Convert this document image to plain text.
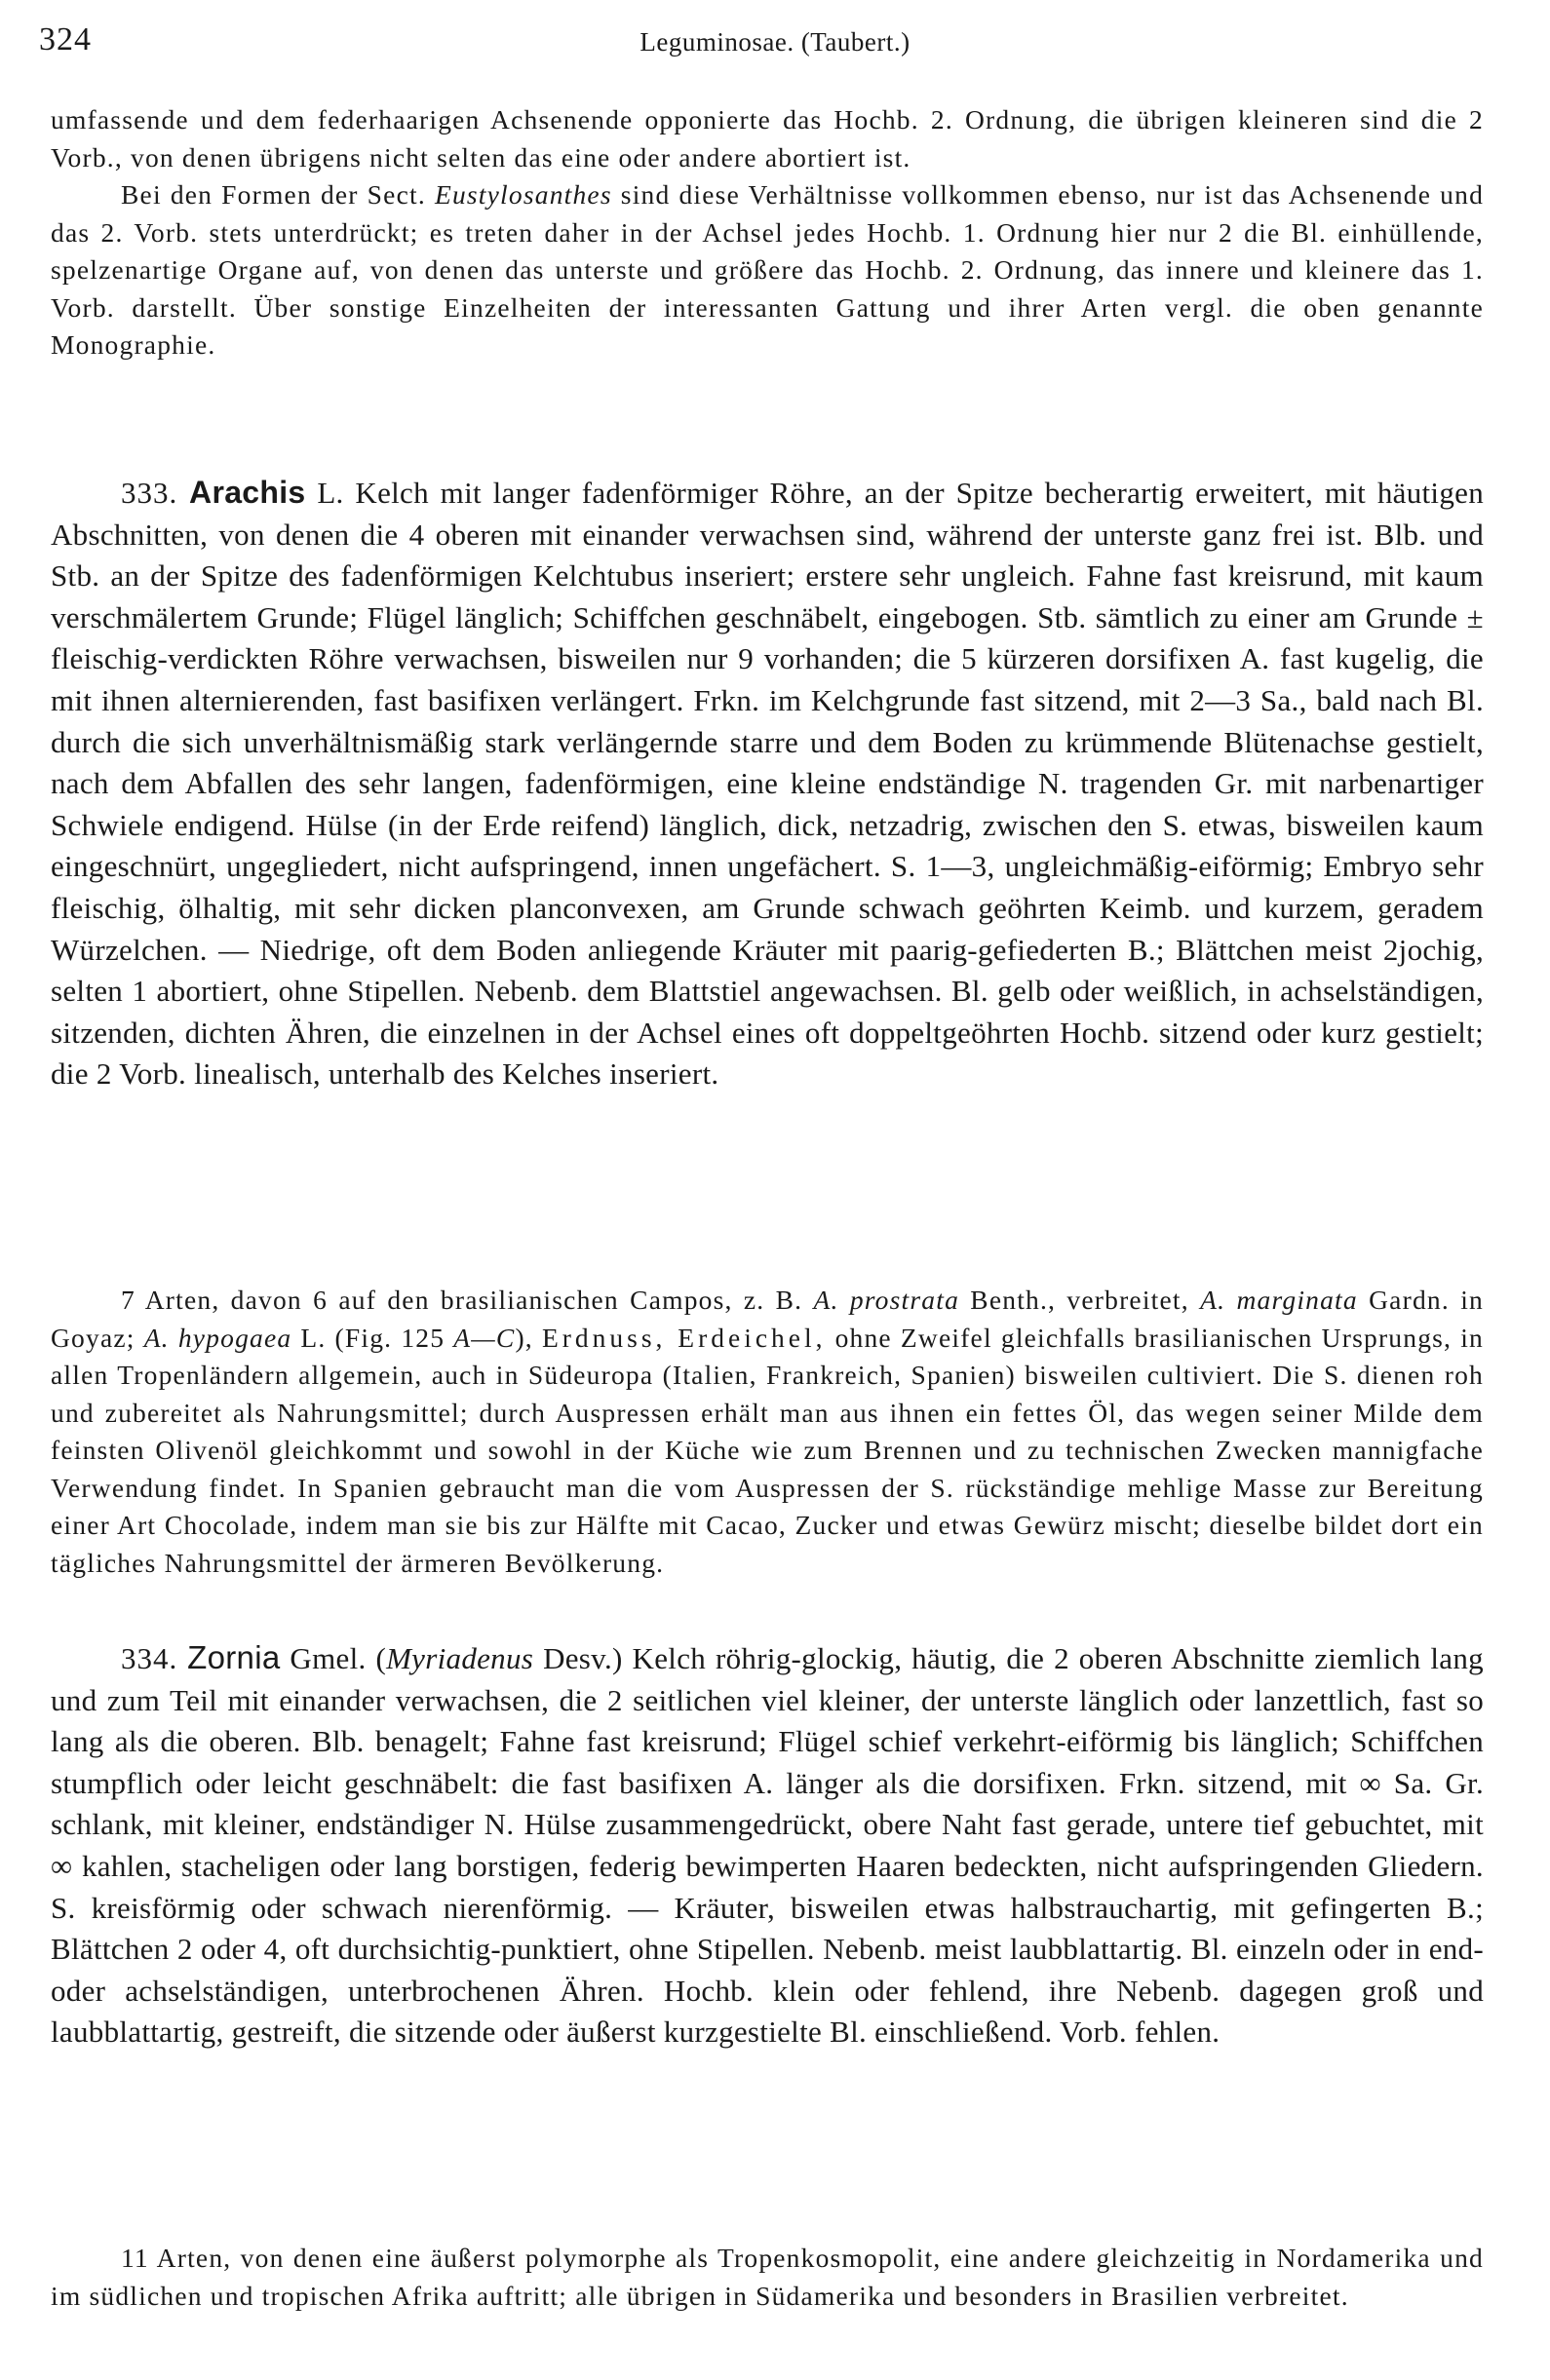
324	Leguminosae. (Taubert.)

umfassende und dem federhaarigen Achsenende opponierte das Hochb. 2. Ordnung, die übrigen kleineren sind die 2 Vorb., von denen übrigens nicht selten das eine oder andere abortiert ist.

Bei den Formen der Sect. Eustylosanthes sind diese Verhältnisse vollkommen ebenso, nur ist das Achsenende und das 2. Vorb. stets unterdrückt; es treten daher in der Achsel jedes Hochb. 1. Ordnung hier nur 2 die Bl. einhüllende, spelzenartige Organe auf, von denen das unterste und größere das Hochb. 2. Ordnung, das innere und kleinere das 1. Vorb. darstellt. Über sonstige Einzelheiten der interessanten Gattung und ihrer Arten vergl. die oben genannte Monographie.

333. Arachis L. Kelch mit langer fadenförmiger Röhre, an der Spitze becherartig erweitert, mit häutigen Abschnitten, von denen die 4 oberen mit einander verwachsen sind, während der unterste ganz frei ist. Blb. und Stb. an der Spitze des fadenförmigen Kelchtubus inseriert; erstere sehr ungleich. Fahne fast kreisrund, mit kaum verschmälertem Grunde; Flügel länglich; Schiffchen geschnäbelt, eingebogen. Stb. sämtlich zu einer am Grunde ± fleischig-verdickten Röhre verwachsen, bisweilen nur 9 vorhanden; die 5 kürzeren dorsifixen A. fast kugelig, die mit ihnen alternierenden, fast basifixen verlängert. Frkn. im Kelchgrunde fast sitzend, mit 2—3 Sa., bald nach Bl. durch die sich unverhältnismäßig stark verlängernde starre und dem Boden zu krümmende Blütenachse gestielt, nach dem Abfallen des sehr langen, fadenförmigen, eine kleine endständige N. tragenden Gr. mit narbenartiger Schwiele endigend. Hülse (in der Erde reifend) länglich, dick, netzadrig, zwischen den S. etwas, bisweilen kaum eingeschnürt, ungegliedert, nicht aufspringend, innen ungefächert. S. 1—3, ungleichmäßig-eiförmig; Embryo sehr fleischig, ölhaltig, mit sehr dicken planconvexen, am Grunde schwach geöhrten Keimb. und kurzem, geradem Würzelchen. — Niedrige, oft dem Boden anliegende Kräuter mit paarig-gefiederten B.; Blättchen meist 2jochig, selten 1 abortiert, ohne Stipellen. Nebenb. dem Blattstiel angewachsen. Bl. gelb oder weißlich, in achselständigen, sitzenden, dichten Ähren, die einzelnen in der Achsel eines oft doppeltgeöhrten Hochb. sitzend oder kurz gestielt; die 2 Vorb. linealisch, unterhalb des Kelches inseriert.

7 Arten, davon 6 auf den brasilianischen Campos, z. B. A. prostrata Benth., verbreitet, A. marginata Gardn. in Goyaz; A. hypogaea L. (Fig. 125 A—C), Erdnuss, Erdeichel, ohne Zweifel gleichfalls brasilianischen Ursprungs, in allen Tropenländern allgemein, auch in Südeuropa (Italien, Frankreich, Spanien) bisweilen cultiviert. Die S. dienen roh und zubereitet als Nahrungsmittel; durch Auspressen erhält man aus ihnen ein fettes Öl, das wegen seiner Milde dem feinsten Olivenöl gleichkommt und sowohl in der Küche wie zum Brennen und zu technischen Zwecken mannigfache Verwendung findet. In Spanien gebraucht man die vom Auspressen der S. rückständige mehlige Masse zur Bereitung einer Art Chocolade, indem man sie bis zur Hälfte mit Cacao, Zucker und etwas Gewürz mischt; dieselbe bildet dort ein tägliches Nahrungsmittel der ärmeren Bevölkerung.

334. Zornia Gmel. (Myriadenus Desv.) Kelch röhrig-glockig, häutig, die 2 oberen Abschnitte ziemlich lang und zum Teil mit einander verwachsen, die 2 seitlichen viel kleiner, der unterste länglich oder lanzettlich, fast so lang als die oberen. Blb. benagelt; Fahne fast kreisrund; Flügel schief verkehrt-eiförmig bis länglich; Schiffchen stumpflich oder leicht geschnäbelt: die fast basifixen A. länger als die dorsifixen. Frkn. sitzend, mit ∞ Sa. Gr. schlank, mit kleiner, endständiger N. Hülse zusammengedrückt, obere Naht fast gerade, untere tief gebuchtet, mit ∞ kahlen, stacheligen oder lang borstigen, federig bewimperten Haaren bedeckten, nicht aufspringenden Gliedern. S. kreisförmig oder schwach nierenförmig. — Kräuter, bisweilen etwas halbstrauchartig, mit gefingerten B.; Blättchen 2 oder 4, oft durchsichtig-punktiert, ohne Stipellen. Nebenb. meist laubblattartig. Bl. einzeln oder in end- oder achselständigen, unterbrochenen Ähren. Hochb. klein oder fehlend, ihre Nebenb. dagegen groß und laubblattartig, gestreift, die sitzende oder äußerst kurzgestielte Bl. einschließend. Vorb. fehlen.

11 Arten, von denen eine äußerst polymorphe als Tropenkosmopolit, eine andere gleichzeitig in Nordamerika und im südlichen und tropischen Afrika auftritt; alle übrigen in Südamerika und besonders in Brasilien verbreitet.
